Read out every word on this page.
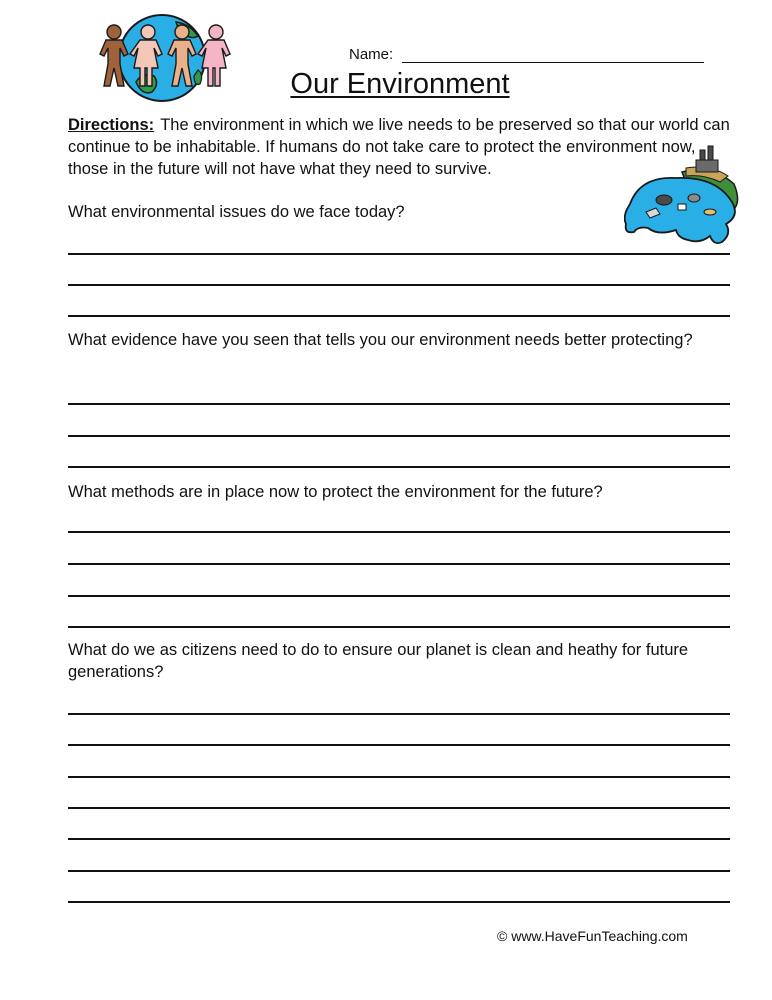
Name:
Our Environment

Directions: The environment in which we live needs to be preserved so that our world can continue to be inhabitable. If humans do not take care to protect the environment now, those in the future will not have what they need to survive.

What environmental issues do we face today?

What evidence have you seen that tells you our environment needs better protecting?

What methods are in place now to protect the environment for the future?

What do we as citizens need to do to ensure our planet is clean and heathy for future generations?

© www.HaveFunTeaching.com
